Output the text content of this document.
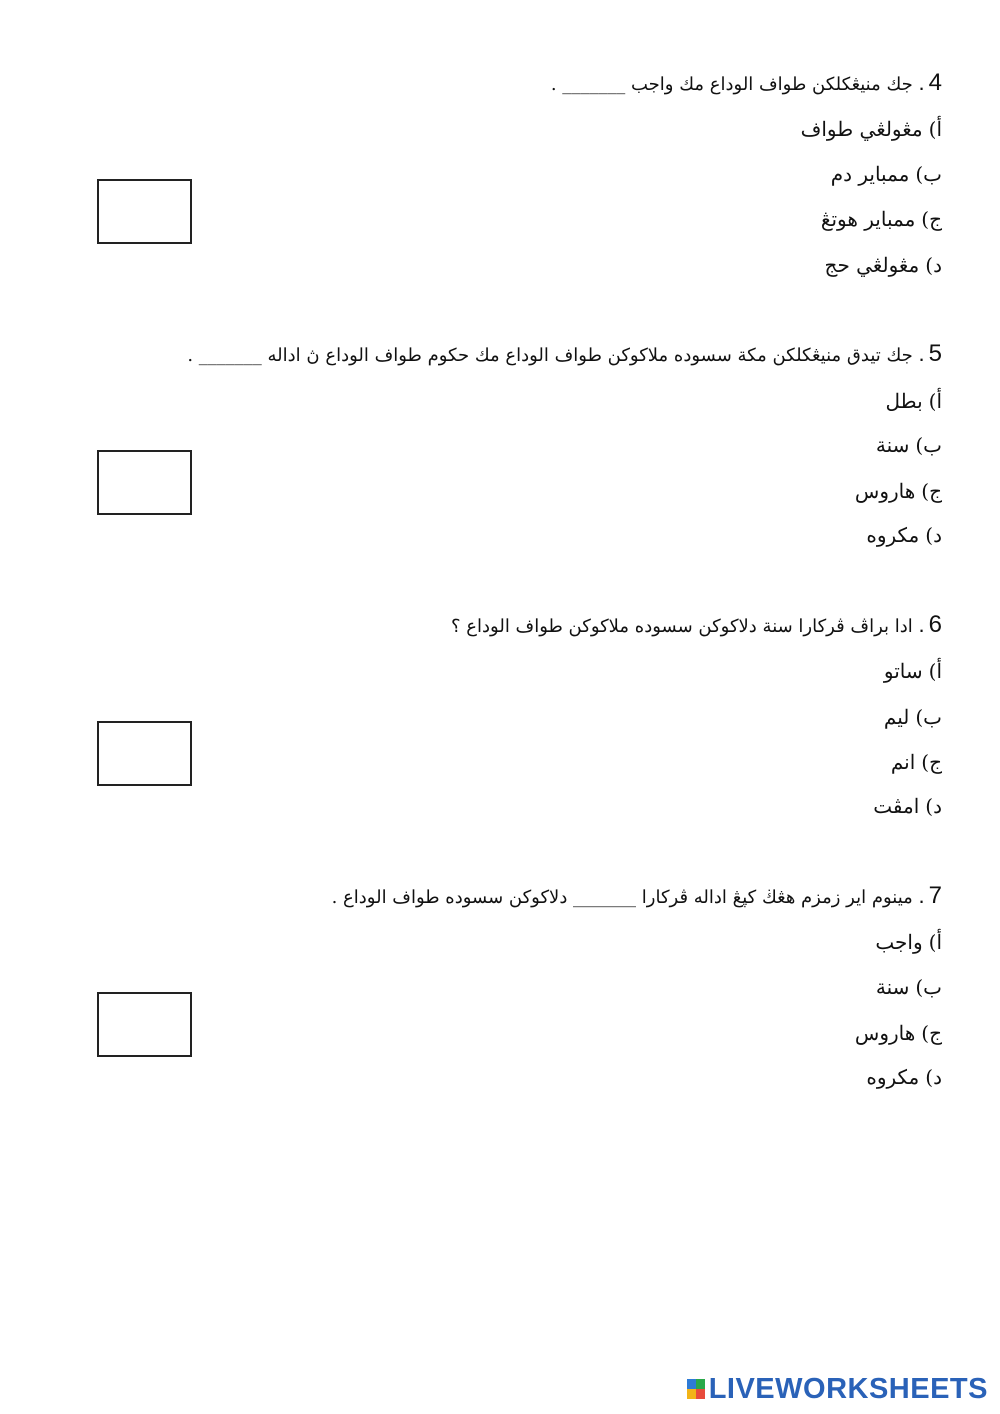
4. جك منيڠكلكن طواف الوداع مك واجب _______ .
أ)مڠولڠي طواف
ب)ممباير دم
ج)ممباير هوتڠ
د)مڠولڠي حج
5. جك تيدق منيڠكلكن مكة سسوده ملاكوكن طواف الوداع مك حكوم طواف الوداع ڽ اداله _______ .
أ)بطل
ب)سنة
ج)هاروس
د)مكروه
6. ادا براڤ ڤركارا سنة دلاكوكن سسوده ملاكوكن طواف الوداع ؟
أ)ساتو
ب)ليم
ج)انم
د)امڤت
7. مينوم اير زمزم هڠڬ كپڠ اداله ڤركارا _______ دلاكوكن سسوده طواف الوداع .
أ)واجب
ب)سنة
ج)هاروس
د)مكروه
LIVEWORKSHEETS
